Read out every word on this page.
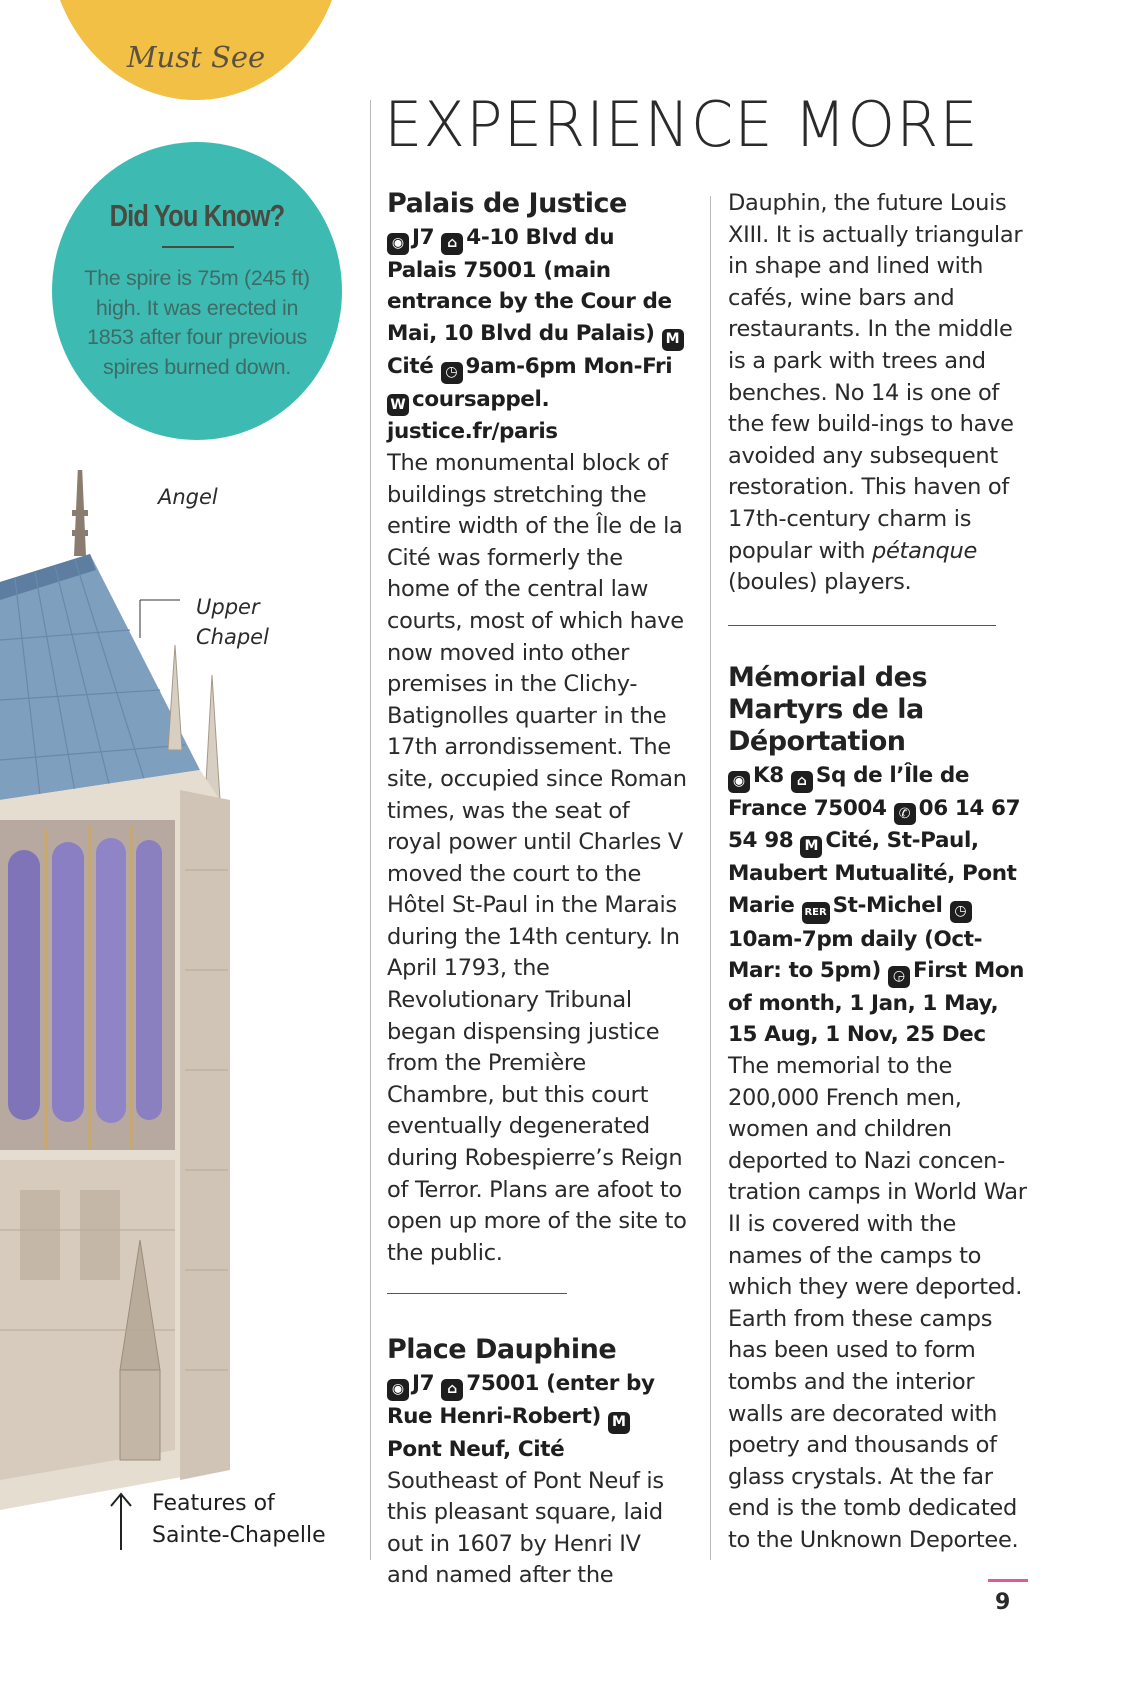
Must See
Did You Know?
The spire is 75m (245 ft)
high. It was erected in
1853 after four previous
spires burned down.
Angel
Upper
Chapel
Features of
Sainte-Chapelle
EXPERIENCE MORE
Palais de Justice
◉ J7 ⌂ 4-10 Blvd du Palais 75001 (main entrance by the Cour de Mai, 10 Blvd du Palais) MCité ◷ 9am-6pm Mon-Fri W coursappel. justice.fr/paris
The monumental block of buildings stretching the entire width of the Île de la Cité was formerly the home of the central law courts, most of which have now moved into other premises in the Clichy-Batignolles quarter in the 17th arrondissement. The site, occupied since Roman times, was the seat of royal power until Charles V moved the court to the Hôtel St-Paul in the Marais during the 14th century. In April 1793, the Revolutionary Tribunal began dispensing justice from the Première Chambre, but this court eventually degenerated during Robespierre’s Reign of Terror. Plans are afoot to open up more of the site to the public.
Place Dauphine
◉ J7 ⌂ 75001 (enter by Rue Henri-Robert) MPont Neuf, Cité
Southeast of Pont Neuf is this pleasant square, laid out in 1607 by Henri IV and named after the
Dauphin, the future Louis XIII. It is actually triangular in shape and lined with cafés, wine bars and restaurants. In the middle is a park with trees and benches. No 14 is one of the few build-ings to have avoided any subsequent restoration. This haven of 17th-century charm is popular with pétanque (boules) players.
Mémorial des Martyrs de la Déportation
◉ K8 ⌂ Sq de l’Île de France 75004 ✆ 06 14 67 54 98 M Cité, St-Paul, Maubert Mutualité, Pont Marie RER St-Michel ◷10am-7pm daily (Oct-Mar: to 5pm) ◶ First Mon of month, 1 Jan, 1 May, 15 Aug, 1 Nov, 25 Dec
The memorial to the 200,000 French men, women and children deported to Nazi concen-tration camps in World War II is covered with the names of the camps to which they were deported. Earth from these camps has been used to form tombs and the interior walls are decorated with poetry and thousands of glass crystals. At the far end is the tomb dedicated to the Unknown Deportee.
9
